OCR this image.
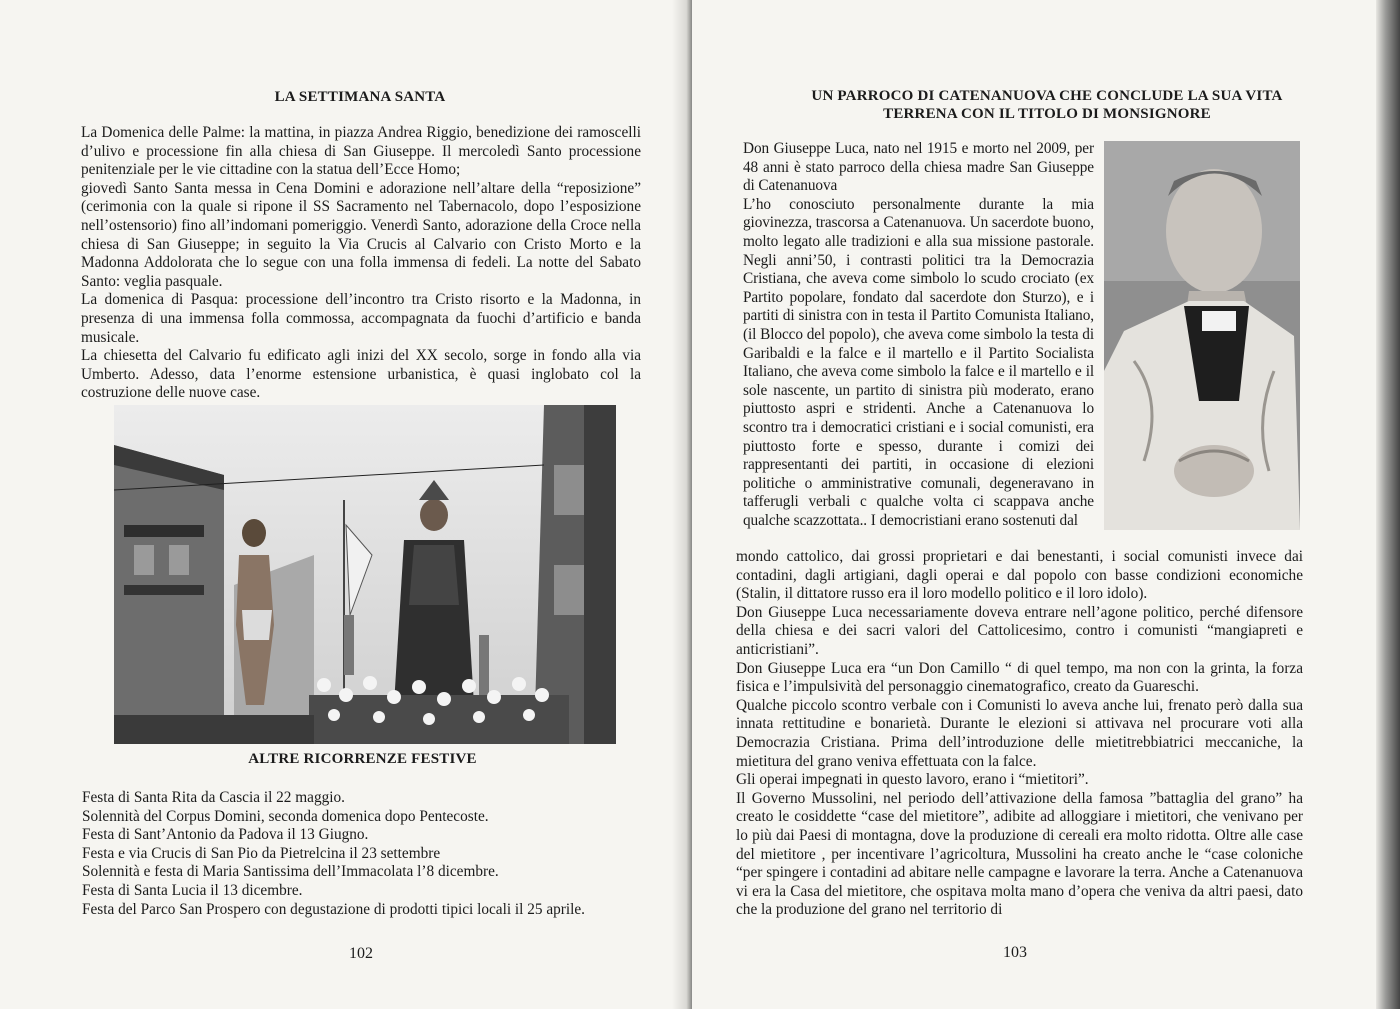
LA SETTIMANA SANTA

La Domenica delle Palme: la mattina, in piazza Andrea Riggio, benedizione dei ramoscelli d’ulivo e processione fin alla chiesa di San Giuseppe. Il mercoledì Santo processione penitenziale per le vie cittadine con la statua dell’Ecce Homo;

giovedì Santo Santa messa in Cena Domini e adorazione nell’altare della “reposizione” (cerimonia con la quale si ripone il SS Sacramento nel Tabernacolo, dopo l’esposizione nell’ostensorio) fino all’indomani pomeriggio. Venerdì Santo, adorazione della Croce nella chiesa di San Giuseppe; in seguito la Via Crucis al Calvario con Cristo Morto e la Madonna Addolorata che lo segue con una folla immensa di fedeli. La notte del Sabato Santo: veglia pasquale.

La domenica di Pasqua: processione dell’incontro tra Cristo risorto e la Madonna, in presenza di una immensa folla commossa, accompagnata da fuochi d’artificio e banda musicale.

La chiesetta del Calvario fu edificato agli inizi del XX secolo, sorge in fondo alla via Umberto. Adesso, data l’enorme estensione urbanistica, è quasi inglobato col la costruzione delle nuove case.

ALTRE RICORRENZE FESTIVE
Festa di Santa Rita da Cascia il 22 maggio.
Solennità del Corpus Domini, seconda domenica dopo Pentecoste.
Festa di Sant’Antonio da Padova il 13 Giugno.
Festa e via Crucis di San Pio da Pietrelcina il 23 settembre
Solennità e festa di Maria Santissima dell’Immacolata l’8 dicembre.
Festa di Santa Lucia il 13 dicembre.
Festa del Parco San Prospero con degustazione di prodotti tipici locali il 25 aprile.
102
UN PARROCO DI CATENANUOVA CHE CONCLUDE LA SUA VITA
TERRENA CON IL TITOLO DI MONSIGNORE

Don Giuseppe Luca, nato nel 1915 e morto nel 2009, per 48 anni è stato parroco della chiesa madre San Giuseppe di Catenanuova

L’ho conosciuto personalmente durante la mia giovinezza, trascorsa a Catenanuova. Un sacerdote buono, molto legato alle tradizioni e alla sua missione pastorale. Negli anni’50, i contrasti politici tra la Democrazia Cristiana, che aveva come simbolo lo scudo crociato (ex Partito popolare, fondato dal sacerdote don Sturzo), e i partiti di sinistra con in testa il Partito Comunista Italiano, (il Blocco del popolo), che aveva come simbolo la testa di Garibaldi e la falce e il martello e il Partito Socialista Italiano, che aveva come simbolo la falce e il martello e il sole nascente, un partito di sinistra più moderato, erano piuttosto aspri e stridenti. Anche a Catenanuova lo scontro tra i democratici cristiani e i social comunisti, era piuttosto forte e spesso, durante i comizi dei rappresentanti dei partiti, in occasione di elezioni politiche o amministrative comunali, degeneravano in tafferugli verbali c qualche volta ci scappava anche qualche scazzottata.. I democristiani erano sostenuti dal

mondo cattolico, dai grossi proprietari e dai benestanti, i social comunisti invece dai contadini, dagli artigiani, dagli operai e dal popolo con basse condizioni economiche (Stalin, il dittatore russo era il loro modello politico e il loro idolo).

Don Giuseppe Luca necessariamente doveva entrare nell’agone politico, perché difensore della chiesa e dei sacri valori del Cattolicesimo, contro i comunisti “mangiapreti e anticristiani”.

Don Giuseppe Luca era “un Don Camillo “ di quel tempo, ma non con la grinta, la forza fisica e l’impulsività del personaggio cinematografico, creato da Guareschi.

Qualche piccolo scontro verbale con i Comunisti lo aveva anche lui, frenato però dalla sua innata rettitudine e bonarietà. Durante le elezioni si attivava nel procurare voti alla Democrazia Cristiana. Prima dell’introduzione delle mietitrebbiatrici meccaniche, la mietitura del grano veniva effettuata con la falce.

Gli operai impegnati in questo lavoro, erano i “mietitori”.

Il Governo Mussolini, nel periodo dell’attivazione della famosa ”battaglia del grano” ha creato le cosiddette “case del mietitore”, adibite ad alloggiare i mietitori, che venivano per lo più dai Paesi di montagna, dove la produzione di cereali era molto ridotta. Oltre alle case del mietitore , per incentivare l’agricoltura, Mussolini ha creato anche le “case coloniche “per spingere i contadini ad abitare nelle campagne e lavorare la terra. Anche a Catenanuova vi era la Casa del mietitore, che ospitava molta mano d’opera che veniva da altri paesi, dato che la produzione del grano nel territorio di

103
